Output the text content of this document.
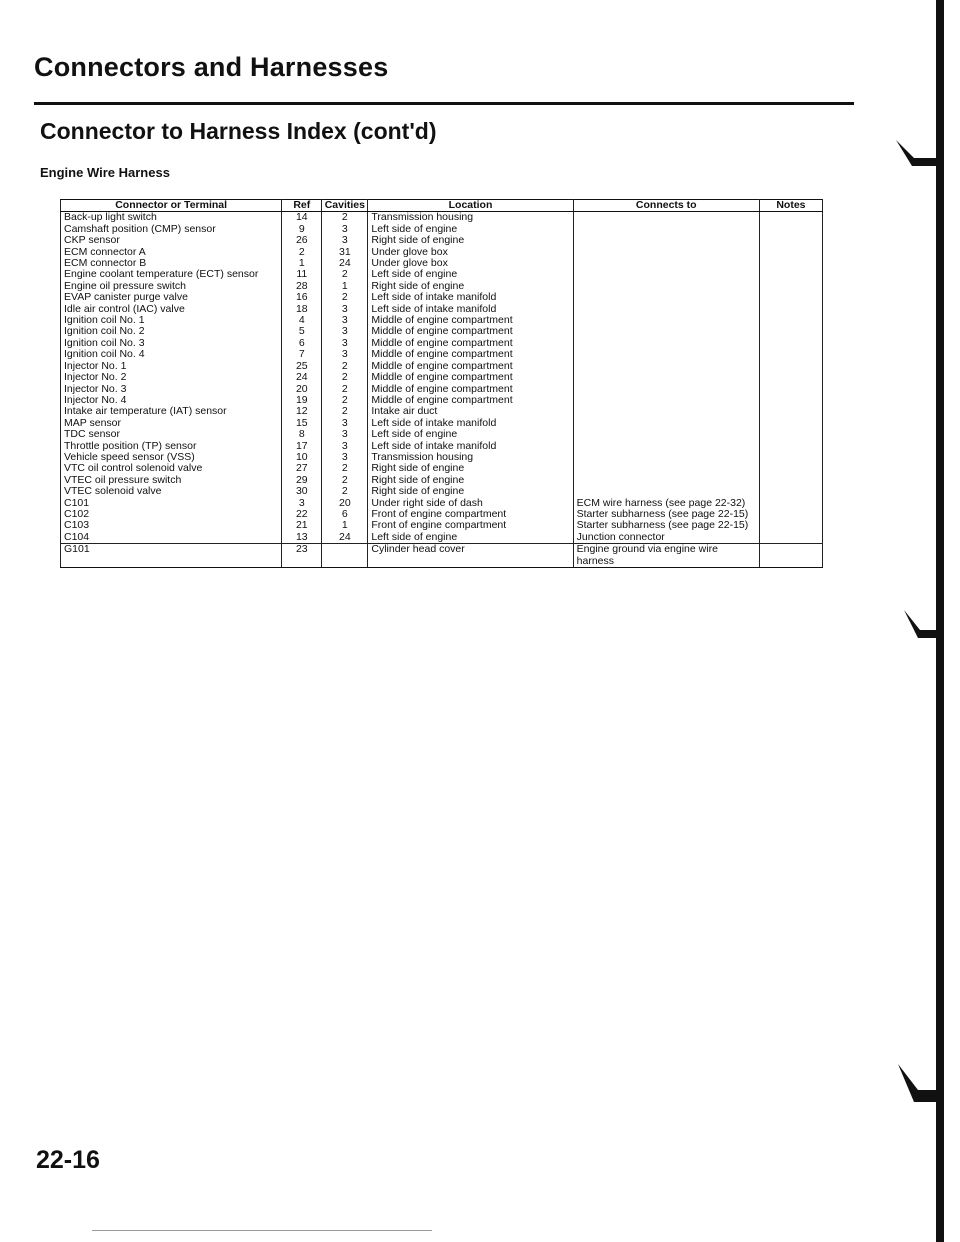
Connectors and Harnesses
Connector to Harness Index (cont'd)
Engine Wire Harness
Connector or Terminal	Ref	Cavities	Location	Connects to	Notes
Back-up light switch	14	2	Transmission housing		
Camshaft position (CMP) sensor	9	3	Left side of engine		
CKP sensor	26	3	Right side of engine		
ECM connector A	2	31	Under glove box		
ECM connector B	1	24	Under glove box		
Engine coolant temperature (ECT) sensor	11	2	Left side of engine		
Engine oil pressure switch	28	1	Right side of engine		
EVAP canister purge valve	16	2	Left side of intake manifold		
Idle air control (IAC) valve	18	3	Left side of intake manifold		
Ignition coil No. 1	4	3	Middle of engine compartment		
Ignition coil No. 2	5	3	Middle of engine compartment		
Ignition coil No. 3	6	3	Middle of engine compartment		
Ignition coil No. 4	7	3	Middle of engine compartment		
Injector No. 1	25	2	Middle of engine compartment		
Injector No. 2	24	2	Middle of engine compartment		
Injector No. 3	20	2	Middle of engine compartment		
Injector No. 4	19	2	Middle of engine compartment		
Intake air temperature (IAT) sensor	12	2	Intake air duct		
MAP sensor	15	3	Left side of intake manifold		
TDC sensor	8	3	Left side of engine		
Throttle position (TP) sensor	17	3	Left side of intake manifold		
Vehicle speed sensor (VSS)	10	3	Transmission housing		
VTC oil control solenoid valve	27	2	Right side of engine		
VTEC oil pressure switch	29	2	Right side of engine		
VTEC solenoid valve	30	2	Right side of engine		
C101	3	20	Under right side of dash	ECM wire harness (see page 22-32)	
C102	22	6	Front of engine compartment	Starter subharness (see page 22-15)	
C103	21	1	Front of engine compartment	Starter subharness (see page 22-15)	
C104	13	24	Left side of engine	Junction connector	
G101	23		Cylinder head cover	Engine ground via engine wire harness	
22-16
